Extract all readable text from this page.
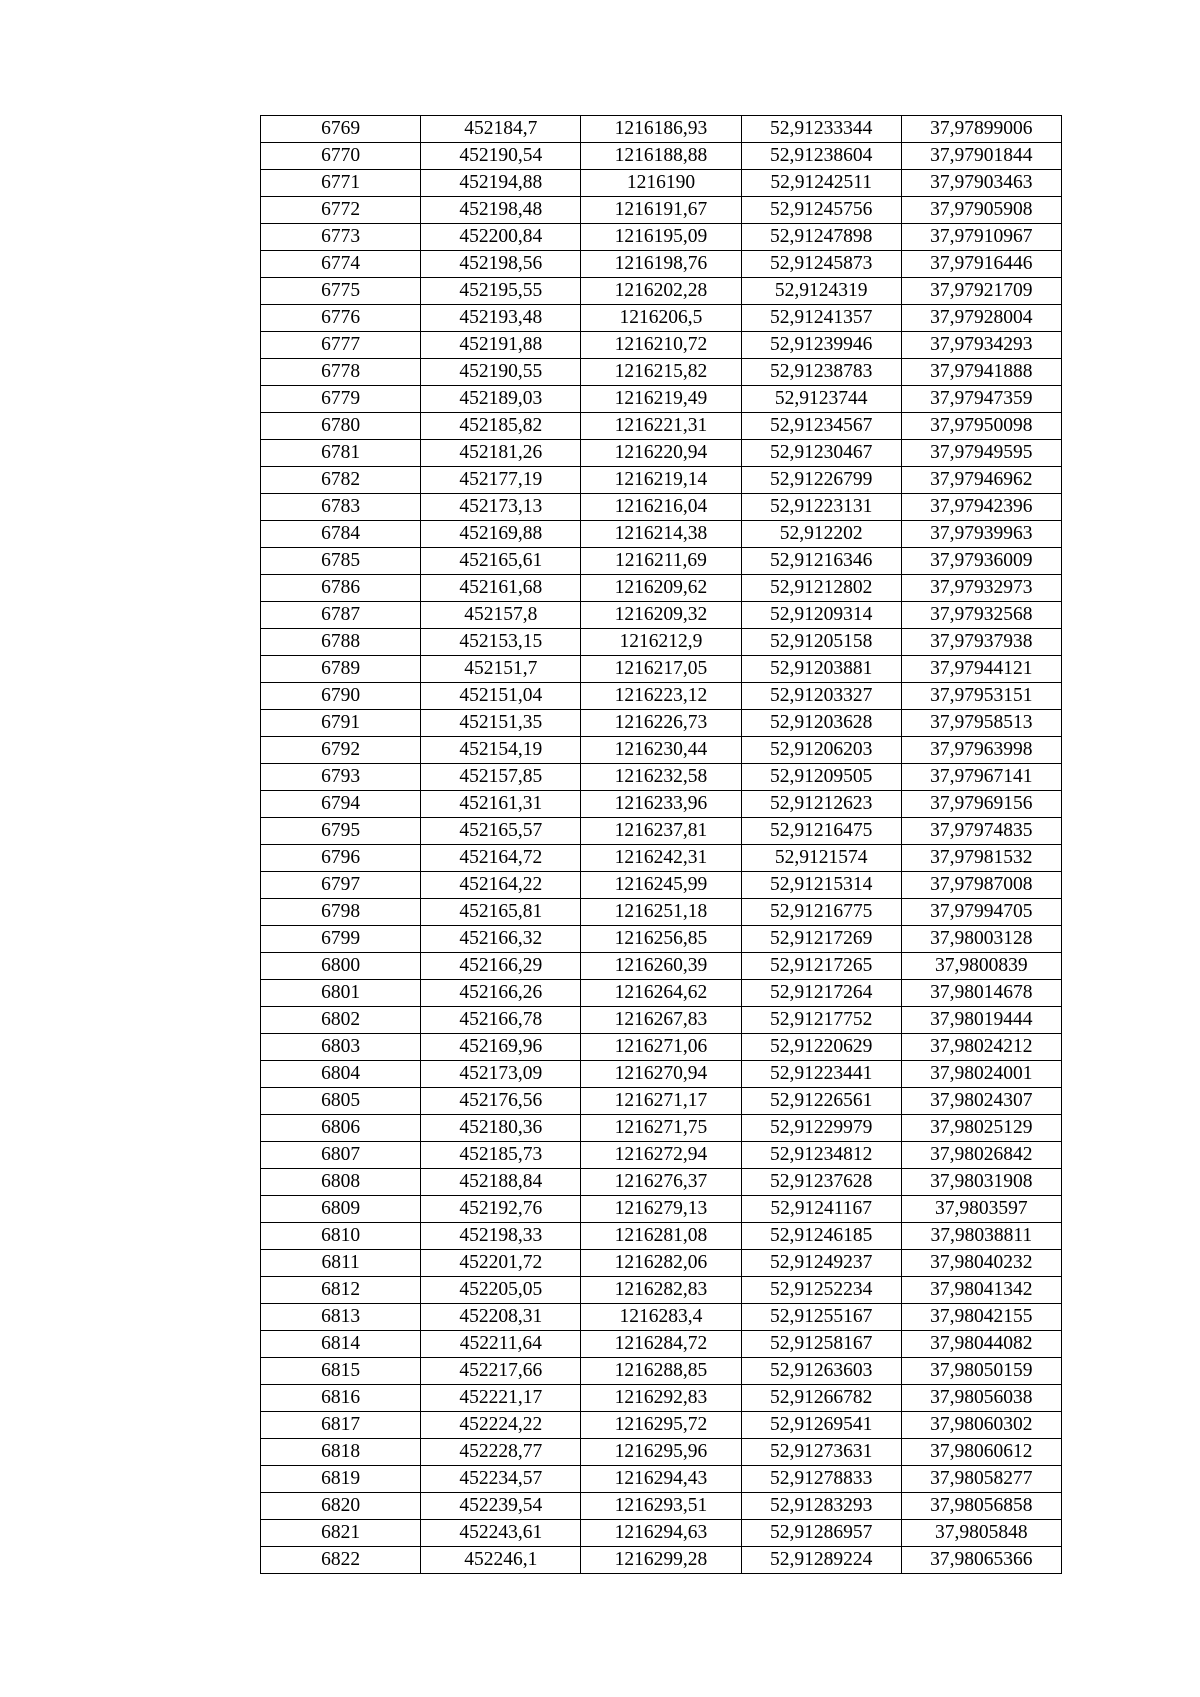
6769	452184,7	1216186,93	52,91233344	37,97899006
6770	452190,54	1216188,88	52,91238604	37,97901844
6771	452194,88	1216190	52,91242511	37,97903463
6772	452198,48	1216191,67	52,91245756	37,97905908
6773	452200,84	1216195,09	52,91247898	37,97910967
6774	452198,56	1216198,76	52,91245873	37,97916446
6775	452195,55	1216202,28	52,9124319	37,97921709
6776	452193,48	1216206,5	52,91241357	37,97928004
6777	452191,88	1216210,72	52,91239946	37,97934293
6778	452190,55	1216215,82	52,91238783	37,97941888
6779	452189,03	1216219,49	52,9123744	37,97947359
6780	452185,82	1216221,31	52,91234567	37,97950098
6781	452181,26	1216220,94	52,91230467	37,97949595
6782	452177,19	1216219,14	52,91226799	37,97946962
6783	452173,13	1216216,04	52,91223131	37,97942396
6784	452169,88	1216214,38	52,912202	37,97939963
6785	452165,61	1216211,69	52,91216346	37,97936009
6786	452161,68	1216209,62	52,91212802	37,97932973
6787	452157,8	1216209,32	52,91209314	37,97932568
6788	452153,15	1216212,9	52,91205158	37,97937938
6789	452151,7	1216217,05	52,91203881	37,97944121
6790	452151,04	1216223,12	52,91203327	37,97953151
6791	452151,35	1216226,73	52,91203628	37,97958513
6792	452154,19	1216230,44	52,91206203	37,97963998
6793	452157,85	1216232,58	52,91209505	37,97967141
6794	452161,31	1216233,96	52,91212623	37,97969156
6795	452165,57	1216237,81	52,91216475	37,97974835
6796	452164,72	1216242,31	52,9121574	37,97981532
6797	452164,22	1216245,99	52,91215314	37,97987008
6798	452165,81	1216251,18	52,91216775	37,97994705
6799	452166,32	1216256,85	52,91217269	37,98003128
6800	452166,29	1216260,39	52,91217265	37,9800839
6801	452166,26	1216264,62	52,91217264	37,98014678
6802	452166,78	1216267,83	52,91217752	37,98019444
6803	452169,96	1216271,06	52,91220629	37,98024212
6804	452173,09	1216270,94	52,91223441	37,98024001
6805	452176,56	1216271,17	52,91226561	37,98024307
6806	452180,36	1216271,75	52,91229979	37,98025129
6807	452185,73	1216272,94	52,91234812	37,98026842
6808	452188,84	1216276,37	52,91237628	37,98031908
6809	452192,76	1216279,13	52,91241167	37,9803597
6810	452198,33	1216281,08	52,91246185	37,98038811
6811	452201,72	1216282,06	52,91249237	37,98040232
6812	452205,05	1216282,83	52,91252234	37,98041342
6813	452208,31	1216283,4	52,91255167	37,98042155
6814	452211,64	1216284,72	52,91258167	37,98044082
6815	452217,66	1216288,85	52,91263603	37,98050159
6816	452221,17	1216292,83	52,91266782	37,98056038
6817	452224,22	1216295,72	52,91269541	37,98060302
6818	452228,77	1216295,96	52,91273631	37,98060612
6819	452234,57	1216294,43	52,91278833	37,98058277
6820	452239,54	1216293,51	52,91283293	37,98056858
6821	452243,61	1216294,63	52,91286957	37,9805848
6822	452246,1	1216299,28	52,91289224	37,98065366
